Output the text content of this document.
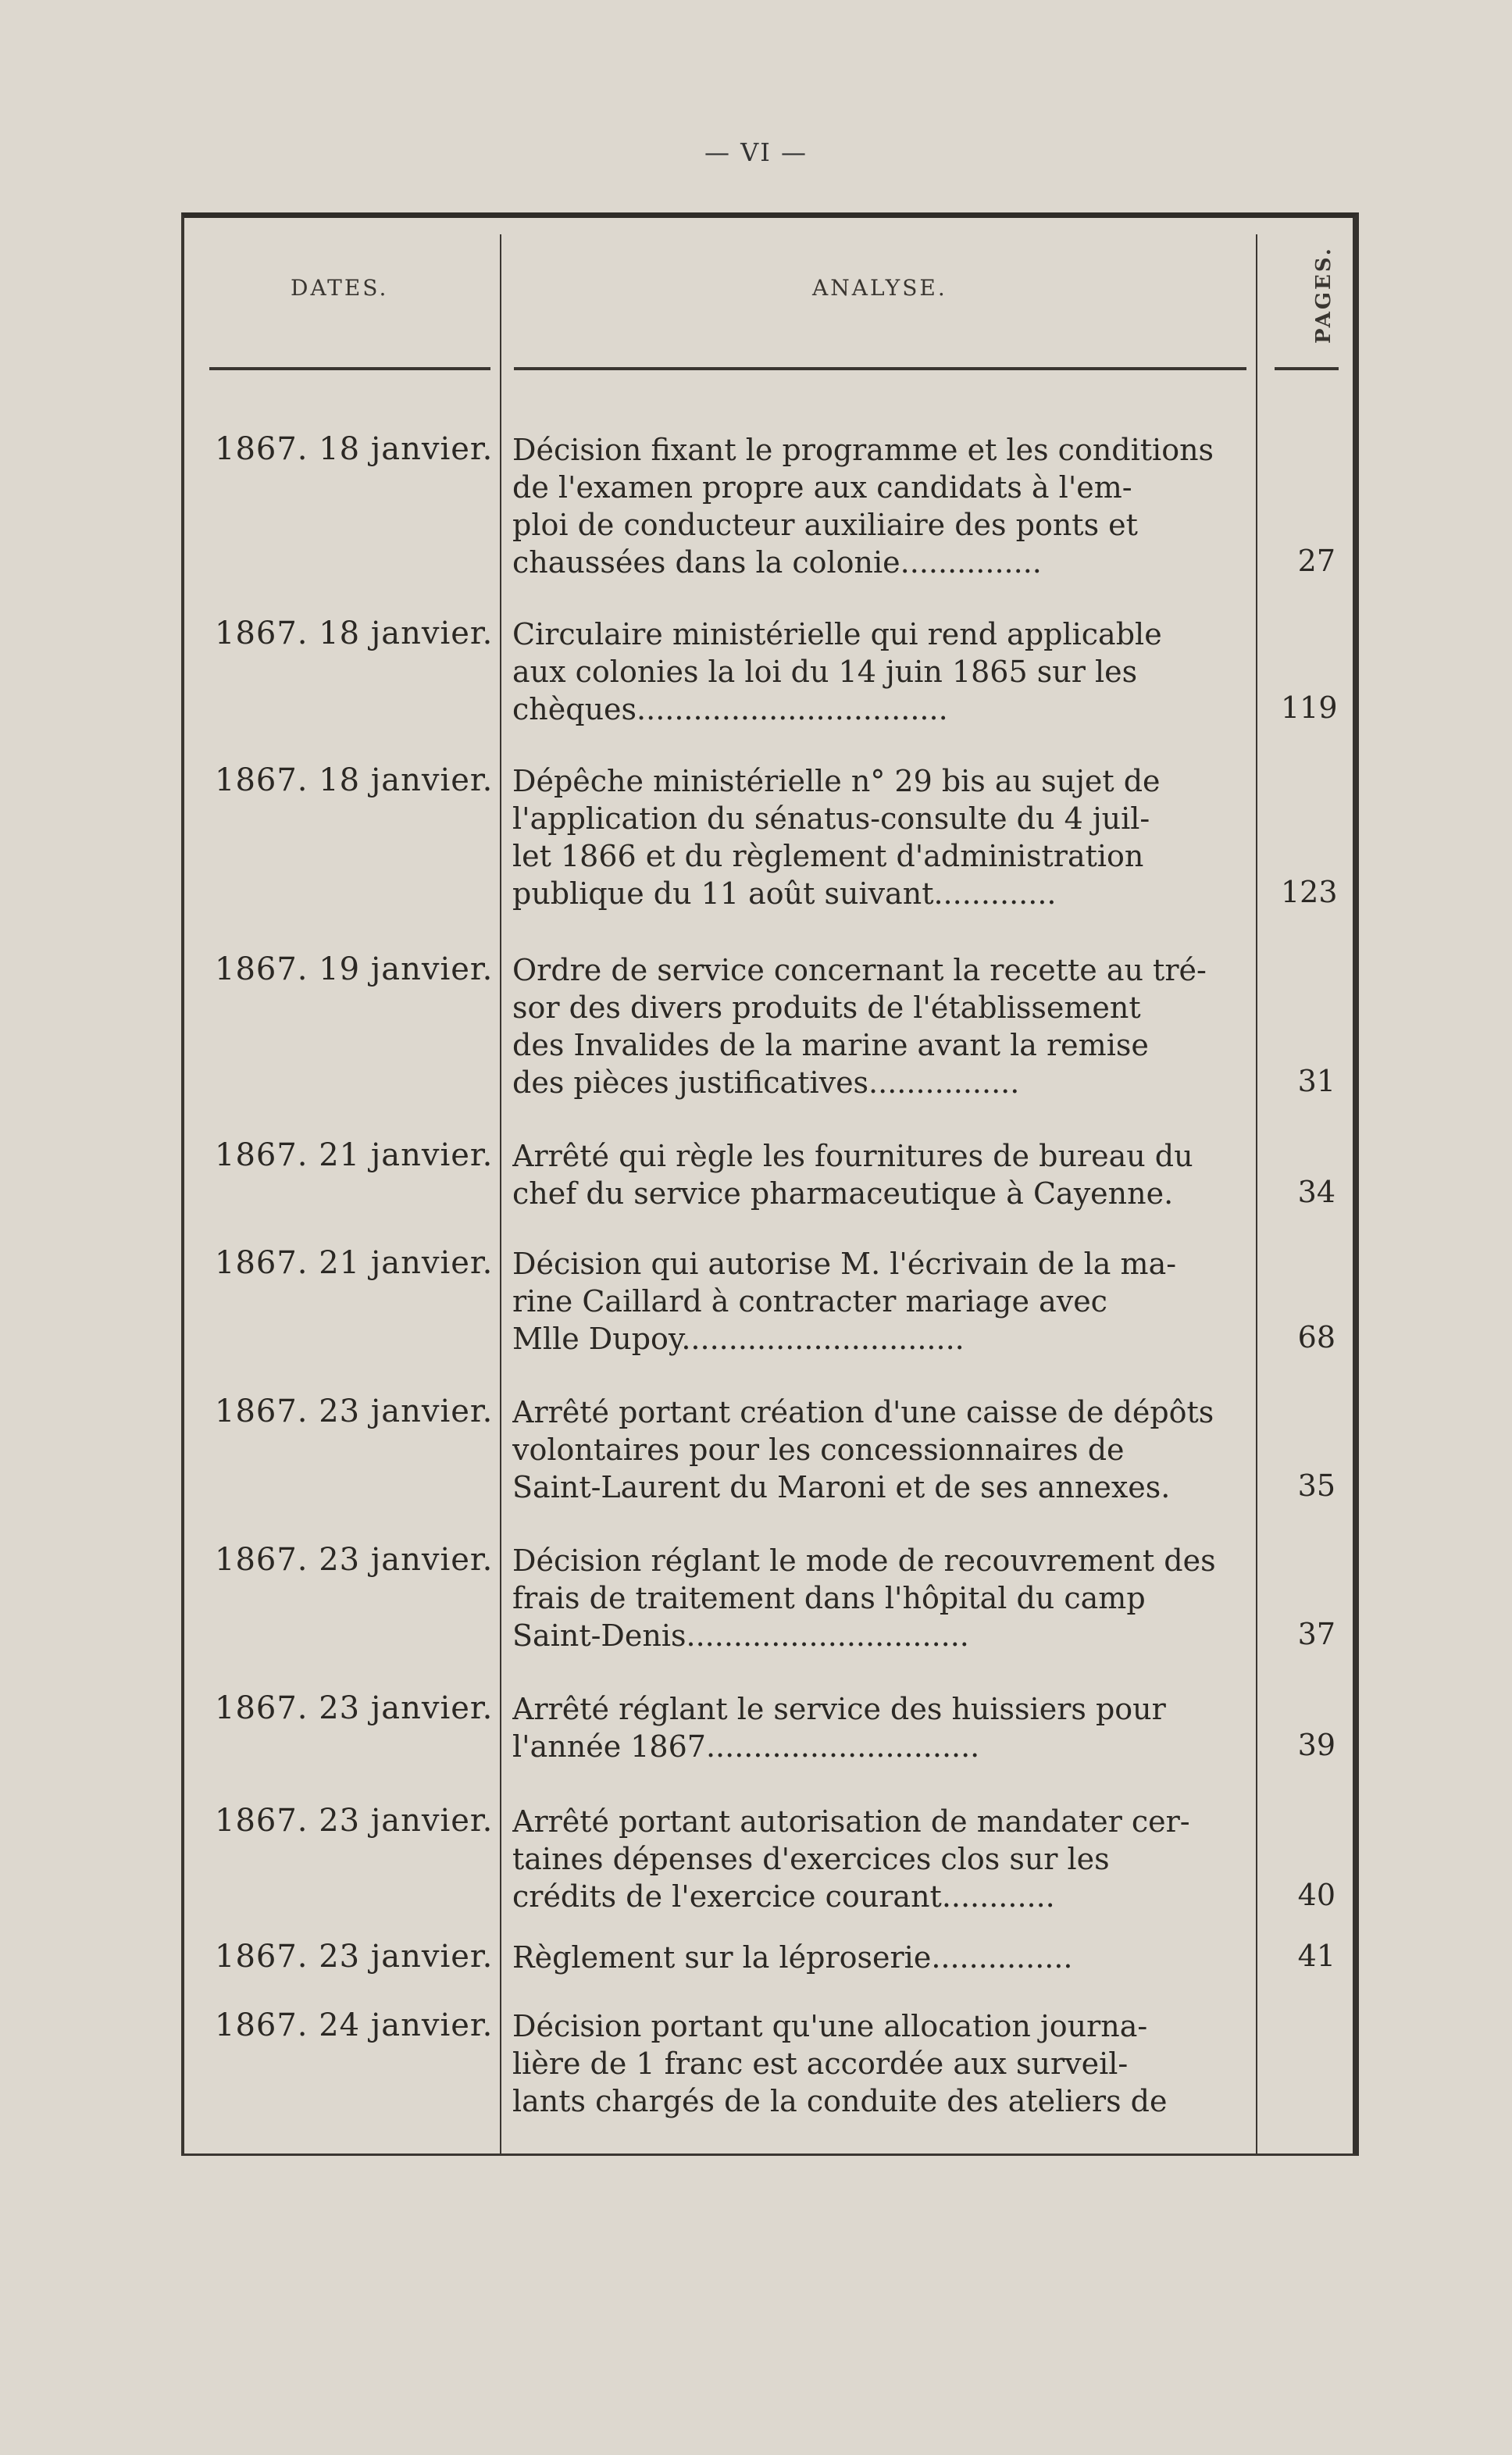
— VI —
DATES.	ANALYSE.	PAGES.
1867. 18 janvier. Décision fixant le programme et les conditions
de l'examen propre aux candidats à l'em-
ploi de conducteur auxiliaire des ponts et
chaussées dans la colonie...............	27
1867. 18 janvier. Circulaire ministérielle qui rend applicable
aux colonies la loi du 14 juin 1865 sur les
chèques.................................	119
1867. 18 janvier. Dépêche ministérielle n° 29 bis au sujet de
l'application du sénatus-consulte du 4 juil-
let 1866 et du règlement d'administration
publique du 11 août suivant.............	123
1867. 19 janvier. Ordre de service concernant la recette au tré-
sor des divers produits de l'établissement
des Invalides de la marine avant la remise
des pièces justificatives................	31
1867. 21 janvier. Arrêté qui règle les fournitures de bureau du
chef du service pharmaceutique à Cayenne.	34
1867. 21 janvier. Décision qui autorise M. l'écrivain de la ma-
rine Caillard à contracter mariage avec
Mlle Dupoy..............................	68
1867. 23 janvier. Arrêté portant création d'une caisse de dépôts
volontaires pour les concessionnaires de
Saint-Laurent du Maroni et de ses annexes.	35
1867. 23 janvier. Décision réglant le mode de recouvrement des
frais de traitement dans l'hôpital du camp
Saint-Denis..............................	37
1867. 23 janvier. Arrêté réglant le service des huissiers pour
l'année 1867.............................	39
1867. 23 janvier. Arrêté portant autorisation de mandater cer-
taines dépenses d'exercices clos sur les
crédits de l'exercice courant............	40
1867. 23 janvier. Règlement sur la léproserie...............	41
1867. 24 janvier. Décision portant qu'une allocation journa-
lière de 1 franc est accordée aux surveil-
lants chargés de la conduite des ateliers de
